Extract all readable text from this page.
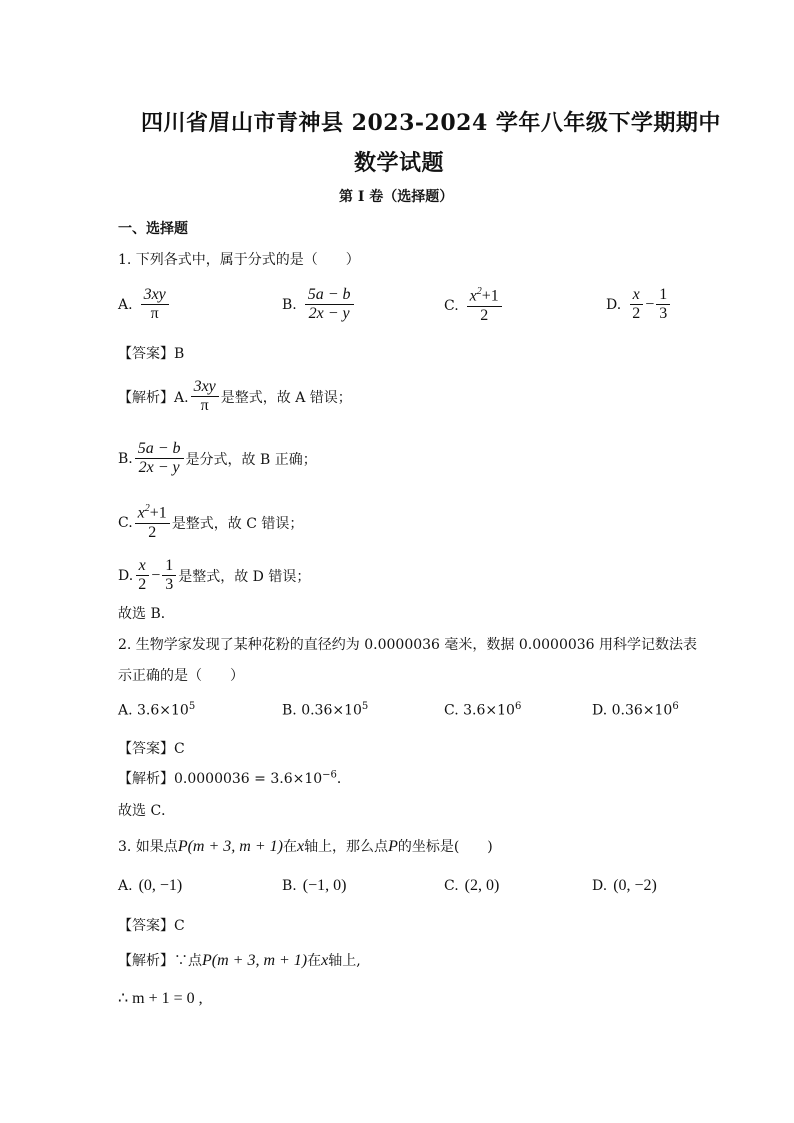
四川省眉山市青神县 2023-2024 学年八年级下学期期中
数学试题
第 I 卷（选择题）
一、选择题
1. 下列各式中，属于分式的是（　　）
A. $\frac{3xy}{\pi}$	B. $\frac{5a - b}{2x - y}$	C. $\frac{x^2+1}{2}$	D. $\frac{x}{2} - \frac{1}{3}$
【答案】B
【解析】A. $\frac{3xy}{\pi}$ 是整式，故 A 错误；
B. $\frac{5a - b}{2x - y}$ 是分式，故 B 正确；
C. $\frac{x^2+1}{2}$ 是整式，故 C 错误；
D. $\frac{x}{2} - \frac{1}{3}$ 是整式，故 D 错误；
故选 B．
2. 生物学家发现了某种花粉的直径约为 0.0000036 毫米，数据 0.0000036 用科学记数法表
示正确的是（　　）
A. $3.6\times 10^5$	B. $0.36\times 10^5$	C. $3.6\times 10^6$	D. $0.36\times 10^6$
【答案】C
【解析】$0.0000036 = 3.6\times 10^{-6}$．
故选 C．
3. 如果点P(m + 3, m + 1)在x轴上，那么点P的坐标是(　　)
A. (0, −1)	B. (−1, 0)	C. (2, 0)	D. (0, −2)
【答案】C
【解析】∵点P(m + 3, m + 1)在x轴上,
∴ m + 1 = 0 ,
